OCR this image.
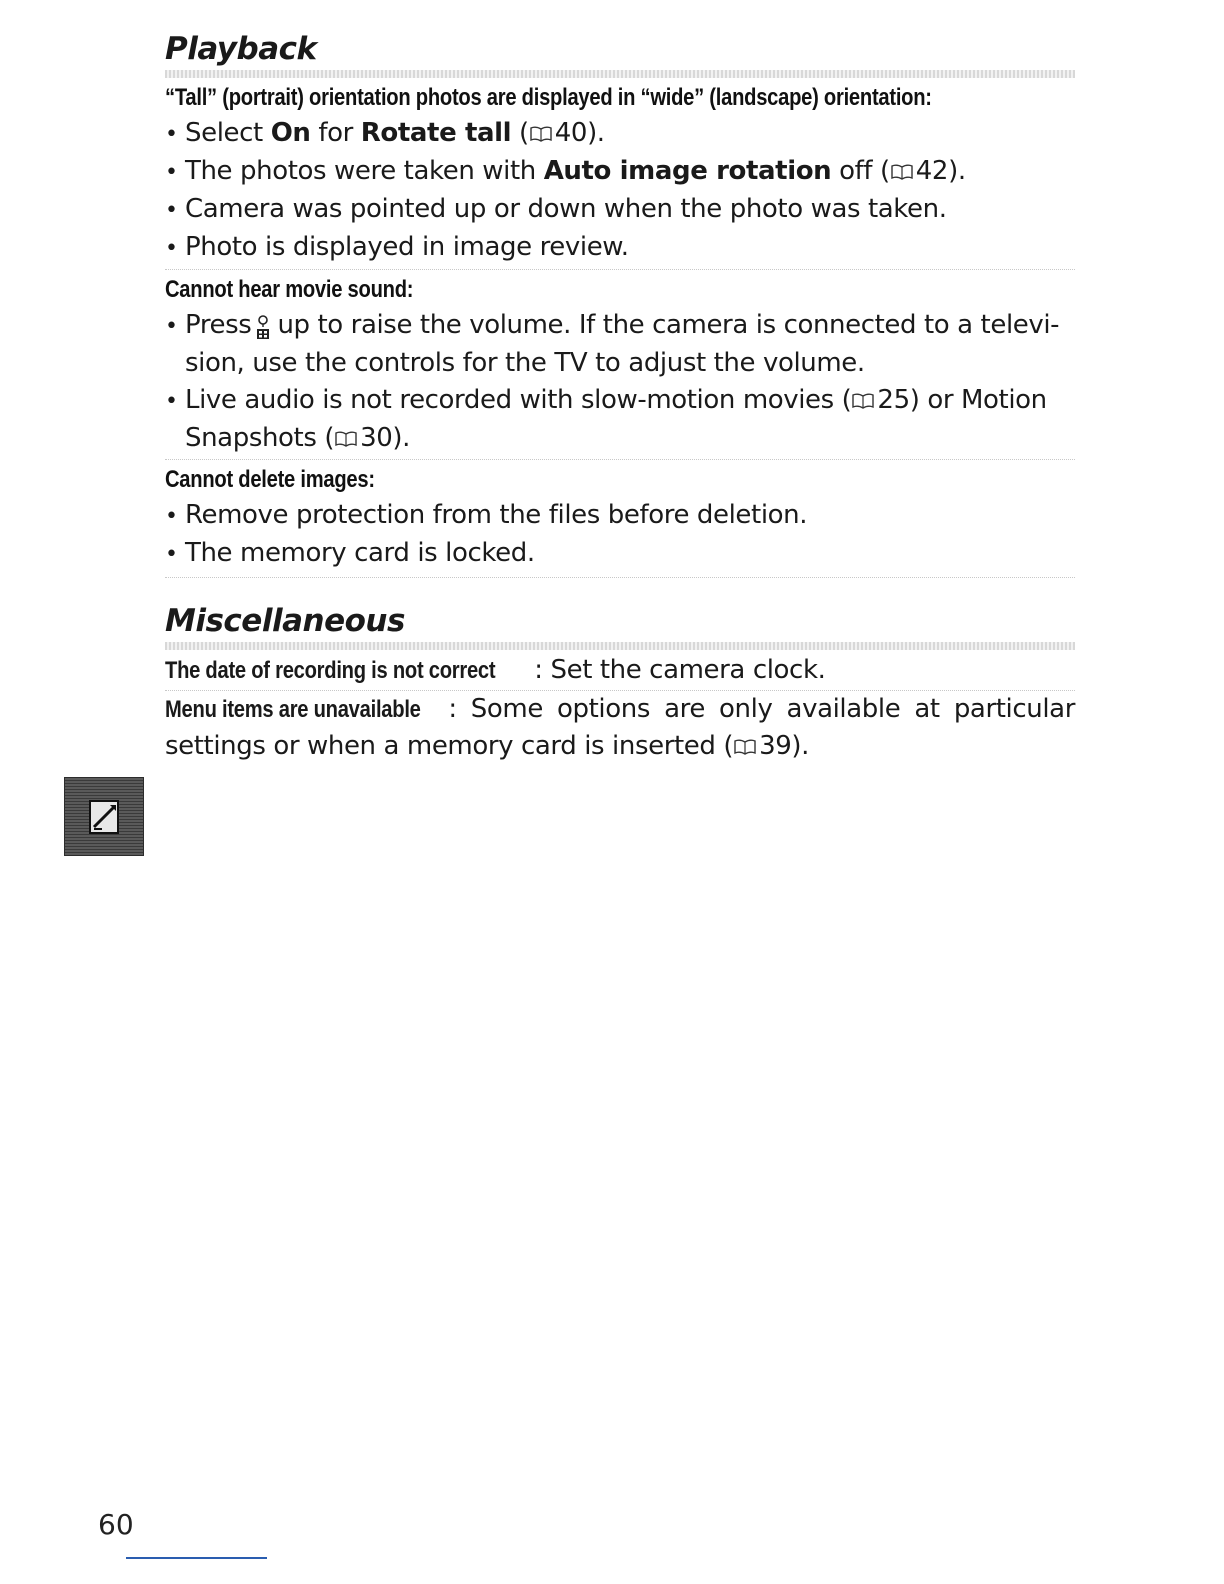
Playback
“Tall” (portrait) orientation photos are displayed in “wide” (landscape) orientation:
• Select On for Rotate tall ( 40).
• The photos were taken with Auto image rotation off ( 42).
• Camera was pointed up or down when the photo was taken.
• Photo is displayed in image review.
Cannot hear movie sound:
• Press up to raise the volume. If the camera is connected to a televi-
sion, use the controls for the TV to adjust the volume.
• Live audio is not recorded with slow-motion movies ( 25) or Motion Snapshots ( 30).
Cannot delete images:
• Remove protection from the files before deletion.
• The memory card is locked.
Miscellaneous
The date of recording is not correct : Set the camera clock.
Menu items are unavailable : Some options are only available at particular settings or when a memory card is inserted ( 39).
60
